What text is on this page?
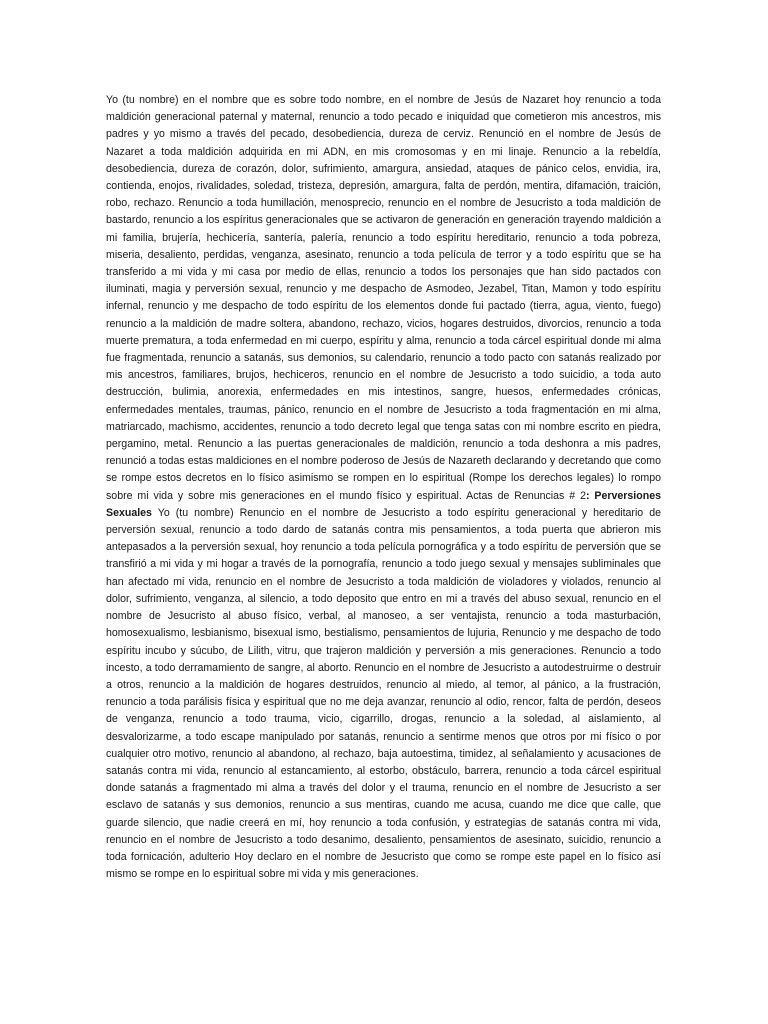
Yo (tu nombre) en el nombre que es sobre todo nombre, en el nombre de Jesús de Nazaret hoy renuncio a toda maldición generacional paternal y maternal, renuncio a todo pecado e iniquidad que cometieron mis ancestros, mis padres y yo mismo a través del pecado, desobediencia, dureza de cerviz. Renunció en el nombre de Jesús de Nazaret a toda maldición adquirida en mi ADN, en mis cromosomas y en mi linaje. Renuncio a la rebeldía, desobediencia, dureza de corazón, dolor, sufrimiento, amargura, ansiedad, ataques de pánico celos, envidia, ira, contienda, enojos, rivalidades, soledad, tristeza, depresión, amargura, falta de perdón, mentira, difamación, traición, robo, rechazo. Renuncio a toda humillación, menosprecio, renuncio en el nombre de Jesucristo a toda maldición de bastardo, renuncio a los espíritus generacionales que se activaron de generación en generación trayendo maldición a mi familia, brujería, hechicería, santería, palería, renuncio a todo espíritu hereditario, renuncio a toda pobreza, miseria, desaliento, perdidas, venganza, asesinato, renuncio a toda película de terror y a todo espíritu que se ha transferido a mi vida y mi casa por medio de ellas, renuncio a todos los personajes que han sido pactados con iluminati, magia y perversión sexual, renuncio y me despacho de Asmodeo, Jezabel, Titan, Mamon y todo espíritu infernal, renuncio y me despacho de todo espíritu de los elementos donde fui pactado (tierra, agua, viento, fuego) renuncio a la maldición de madre soltera, abandono, rechazo, vicios, hogares destruidos, divorcios, renuncio a toda muerte prematura, a toda enfermedad en mi cuerpo, espíritu y alma, renuncio a toda cárcel espiritual donde mi alma fue fragmentada, renuncio a satanás, sus demonios, su calendario, renuncio a todo pacto con satanás realizado por mis ancestros, familiares, brujos, hechiceros, renuncio en el nombre de Jesucristo a todo suicidio, a toda auto destrucción, bulimia, anorexia, enfermedades en mis intestinos, sangre, huesos, enfermedades crónicas, enfermedades mentales, traumas, pánico, renuncio en el nombre de Jesucristo a toda fragmentación en mi alma, matriarcado, machismo, accidentes, renuncio a todo decreto legal que tenga satas con mi nombre escrito en piedra, pergamino, metal. Renuncio a las puertas generacionales de maldición, renuncio a toda deshonra a mis padres, renunció a todas estas maldiciones en el nombre poderoso de Jesús de Nazareth declarando y decretando que como se rompe estos decretos en lo físico asimismo se rompen en lo espiritual (Rompe los derechos legales) lo rompo sobre mi vida y sobre mis generaciones en el mundo físico y espiritual. Actas de Renuncias # 2: Perversiones Sexuales Yo (tu nombre) Renuncio en el nombre de Jesucristo a todo espíritu generacional y hereditario de perversión sexual, renuncio a todo dardo de satanás contra mis pensamientos, a toda puerta que abrieron mis antepasados a la perversión sexual, hoy renuncio a toda película pornográfica y a todo espíritu de perversión que se transfirió a mi vida y mi hogar a través de la pornografía, renuncio a todo juego sexual y mensajes subliminales que han afectado mi vida, renuncio en el nombre de Jesucristo a toda maldición de violadores y violados, renuncio al dolor, sufrimiento, venganza, al silencio, a todo deposito que entro en mi a través del abuso sexual, renuncio en el nombre de Jesucristo al abuso físico, verbal, al manoseo, a ser ventajista, renuncio a toda masturbación, homosexualismo, lesbianismo, bisexual ismo, bestialismo, pensamientos de lujuria, Renuncio y me despacho de todo espíritu incubo y súcubo, de Lilith, vitru, que trajeron maldición y perversión a mis generaciones. Renuncio a todo incesto, a todo derramamiento de sangre, al aborto. Renuncio en el nombre de Jesucristo a autodestruirme o destruir a otros, renuncio a la maldición de hogares destruidos, renuncio al miedo, al temor, al pánico, a la frustración, renuncio a toda parálisis física y espiritual que no me deja avanzar, renuncio al odio, rencor, falta de perdón, deseos de venganza, renuncio a todo trauma, vicio, cigarrillo, drogas, renuncio a la soledad, al aislamiento, al desvalorizarme, a todo escape manipulado por satanás, renuncio a sentirme menos que otros por mi físico o por cualquier otro motivo, renuncio al abandono, al rechazo, baja autoestima, timidez, al señalamiento y acusaciones de satanás contra mi vida, renuncio al estancamiento, al estorbo, obstáculo, barrera, renuncio a toda cárcel espiritual donde satanás a fragmentado mi alma a través del dolor y el trauma, renuncio en el nombre de Jesucristo a ser esclavo de satanás y sus demonios, renuncio a sus mentiras, cuando me acusa, cuando me dice que calle, que guarde silencio, que nadie creerá en mí, hoy renuncio a toda confusión, y estrategias de satanás contra mi vida, renuncio en el nombre de Jesucristo a todo desanimo, desaliento, pensamientos de asesinato, suicidio, renuncio a toda fornicación, adulterio Hoy declaro en el nombre de Jesucristo que como se rompe este papel en lo físico así mismo se rompe en lo espiritual sobre mi vida y mis generaciones.
